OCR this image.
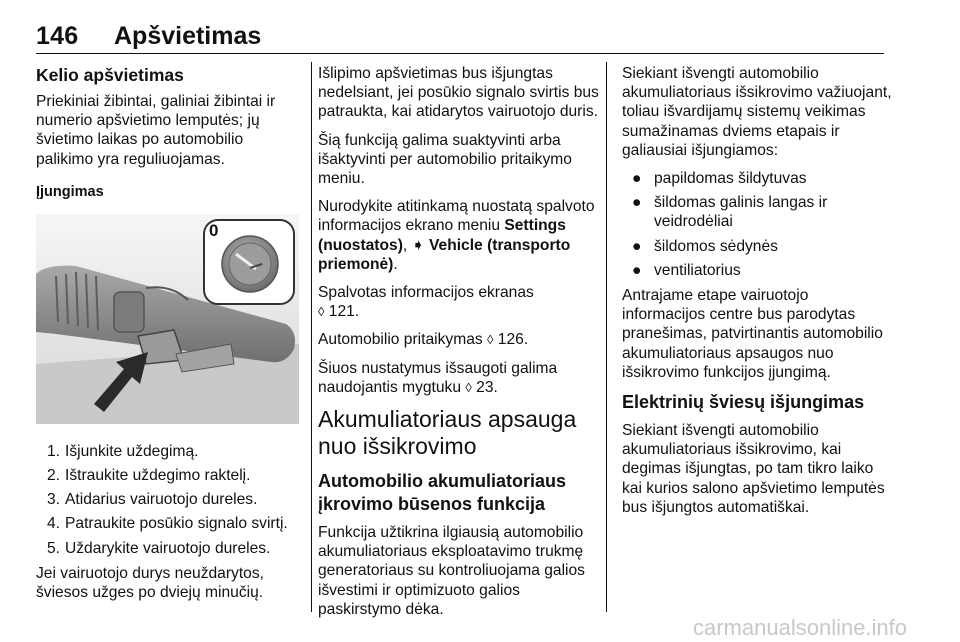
146 Apšvietimas
Kelio apšvietimas

Priekiniai žibintai, galiniai žibintai ir numerio apšvietimo lemputės; jų švietimo laikas po automobilio palikimo yra reguliuojamas.

Įjungimas
0
1. Išjunkite uždegimą.
2. Ištraukite uždegimo raktelį.
3. Atidarius vairuotojo dureles.
4. Patraukite posūkio signalo svirtį.
5. Uždarykite vairuotojo dureles.

Jei vairuotojo durys neuždarytos, šviesos užges po dviejų minučių.

Išlipimo apšvietimas bus išjungtas nedelsiant, jei posūkio signalo svirtis bus patraukta, kai atidarytos vairuotojo duris.

Šią funkciją galima suaktyvinti arba išaktyvinti per automobilio pritaikymo meniu.

Nurodykite atitinkamą nuostatą spalvoto informacijos ekrano meniu Settings (nuostatos), ➧ Vehicle (transporto priemonė).

Spalvotas informacijos ekranas
◊ 121.

Automobilio pritaikymas ◊ 126.

Šiuos nustatymus išsaugoti galima naudojantis mygtuku ◊ 23.

Akumuliatoriaus apsauga nuo išsikrovimo
Automobilio akumuliatoriaus įkrovimo būsenos funkcija

Funkcija užtikrina ilgiausią automobilio akumuliatoriaus eksploatavimo trukmę generatoriaus su kontroliuojama galios išvestimi ir optimizuoto galios paskirstymo dėka.

Siekiant išvengti automobilio akumuliatoriaus išsikrovimo važiuojant, toliau išvardijamų sistemų veikimas sumažinamas dviems etapais ir galiausiai išjungiamos:

● papildomas šildytuvas
● šildomas galinis langas ir veidrodėliai
● šildomos sėdynės
● ventiliatorius

Antrajame etape vairuotojo informacijos centre bus parodytas pranešimas, patvirtinantis automobilio akumuliatoriaus apsaugos nuo išsikrovimo funkcijos įjungimą.

Elektrinių šviesų išjungimas

Siekiant išvengti automobilio akumuliatoriaus išsikrovimo, kai degimas išjungtas, po tam tikro laiko kai kurios salono apšvietimo lemputės bus išjungtos automatiškai.

carmanualsonline.info
